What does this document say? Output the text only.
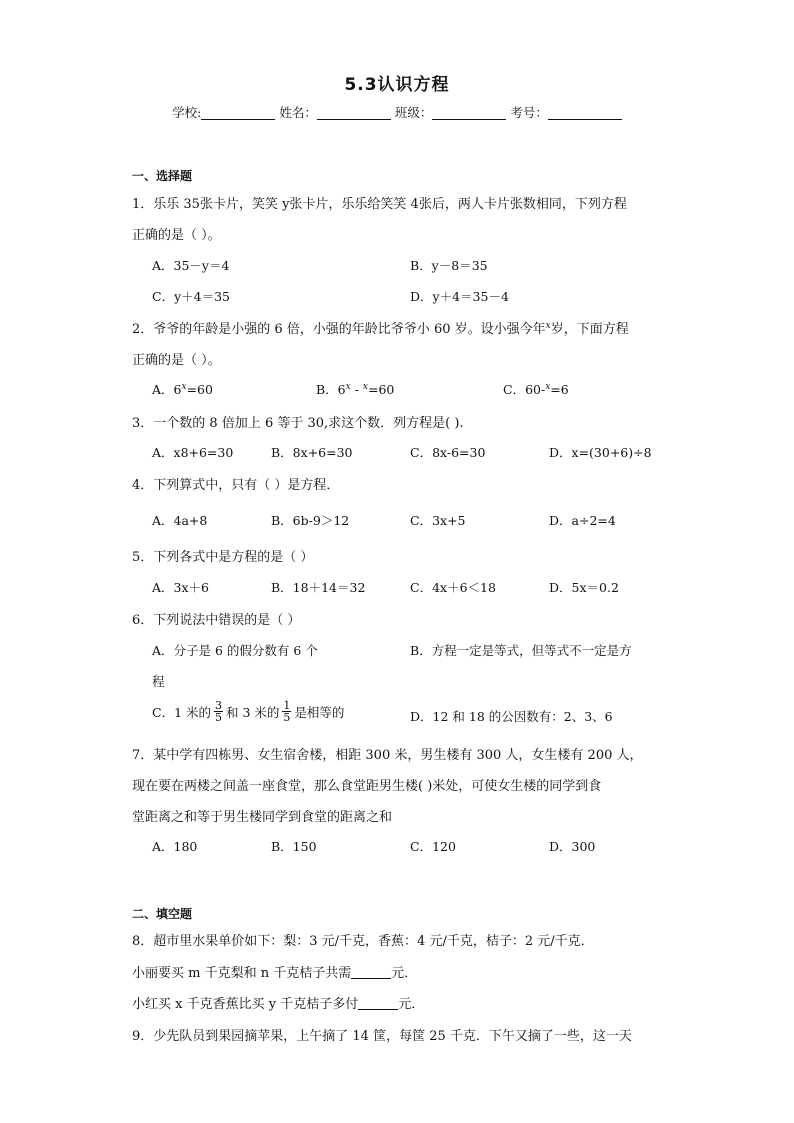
5.3认识方程
学校:	姓名：	班级：	考号：
一、选择题
1．乐乐 35张卡片，笑笑 y张卡片，乐乐给笑笑 4张后，两人卡片张数相同，下列方程
正确的是（ ）。
A．35－y＝4	B．y－8＝35
C．y＋4＝35	D．y＋4＝35－4
2．爷爷的年龄是小强的 6 倍，小强的年龄比爷爷小 60 岁。设小强今年$^x$岁，下面方程
正确的是（ ）。
A．$6^x=60$	B．6$^x$ - $^x$=60	C．60-$^x$=6
3．一个数的 8 倍加上 6 等于 30,求这个数．列方程是( ).
A．x8+6=30	B．8x+6=30	C．8x-6=30	D．x=(30+6)÷8
4．下列算式中，只有（ ）是方程．
A．4a+8	B．6b-9＞12	C．3x+5	D．a÷2=4
5．下列各式中是方程的是（ ）
A．3x＋6	B．18＋14＝32	C．4x＋6＜18	D．5x＝0.2
6．下列说法中错误的是（ ）
A．分子是 6 的假分数有 6 个	B．方程一定是等式，但等式不一定是方
程
C．1 米的 $\frac{3}{5}$ 和 3 米的 $\frac{1}{5}$ 是相等的	D．12 和 18 的公因数有：2、3、6
7．某中学有四栋男、女生宿舍楼，相距 300 米，男生楼有 300 人，女生楼有 200 人，
现在要在两楼之间盖一座食堂，那么食堂距男生楼( )米处，可使女生楼的同学到食
堂距离之和等于男生楼同学到食堂的距离之和
A．180	B．150	C．120	D．300
二、填空题
8．超市里水果单价如下：梨：3 元/千克，香蕉：4 元/千克，桔子：2 元/千克．
小丽要买 m 千克梨和 n 千克桔子共需	元．
小红买 x 千克香蕉比买 y 千克桔子多付	元．
9．少先队员到果园摘苹果，上午摘了 14 筐，每筐 25 千克．下午又摘了一些，这一天
